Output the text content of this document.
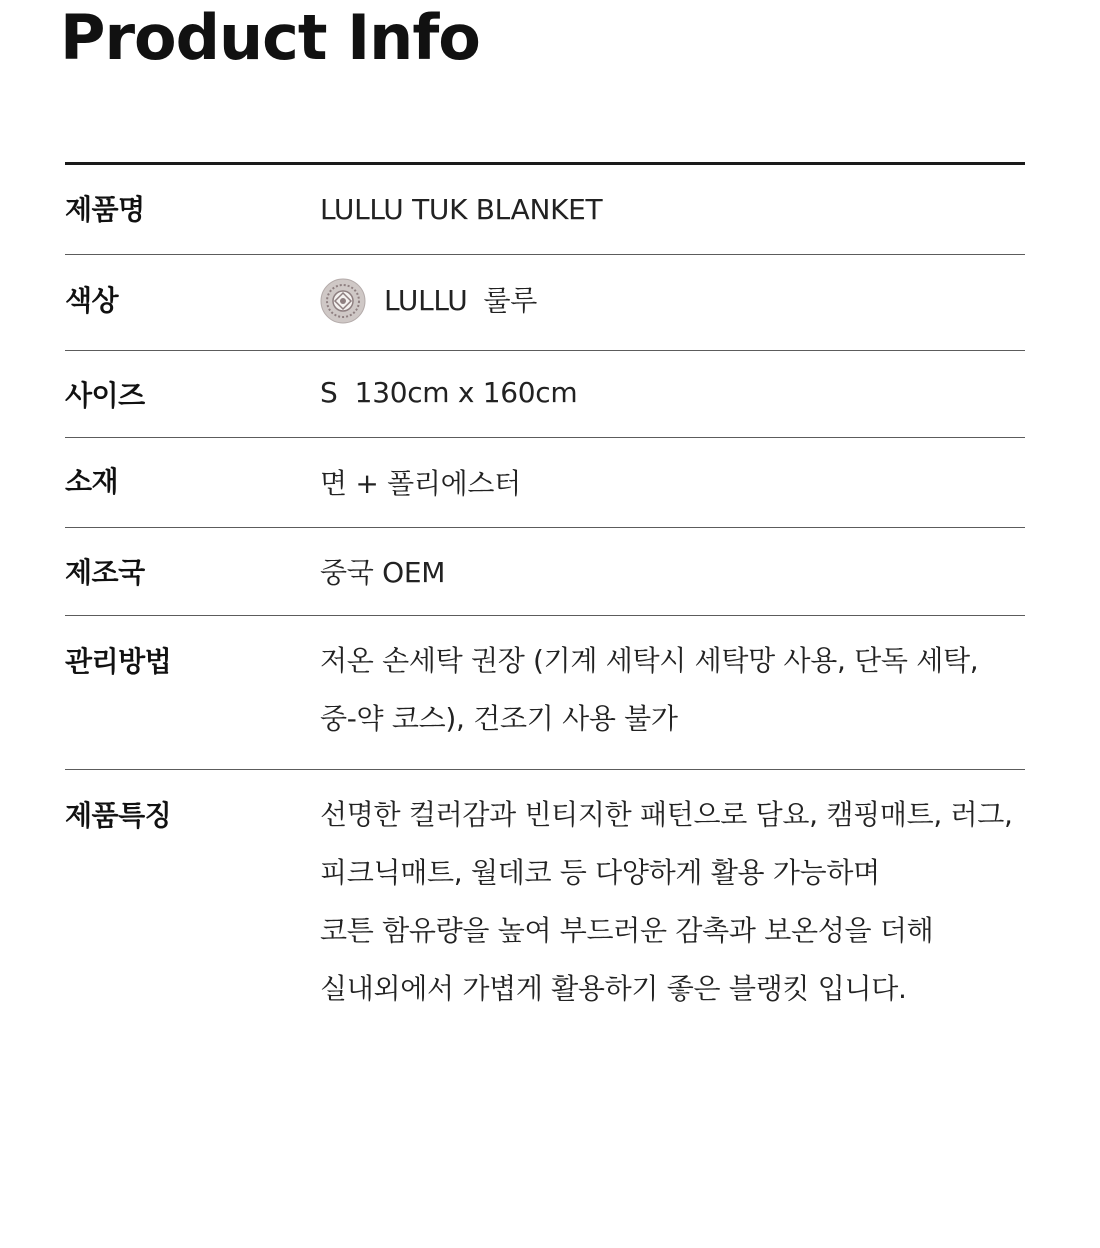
Product Info
제품명	LULLU TUK BLANKET
색상	LULLU 룰루
사이즈	S  130cm x 160cm
소재	면 + 폴리에스터
제조국	중국 OEM
관리방법	저온 손세탁 권장 (기계 세탁시 세탁망 사용, 단독 세탁,
중-약 코스), 건조기 사용 불가
제품특징	선명한 컬러감과 빈티지한 패턴으로 담요, 캠핑매트, 러그,
피크닉매트, 월데코 등 다양하게 활용 가능하며
코튼 함유량을 높여 부드러운 감촉과 보온성을 더해
실내외에서 가볍게 활용하기 좋은 블랭킷 입니다.
